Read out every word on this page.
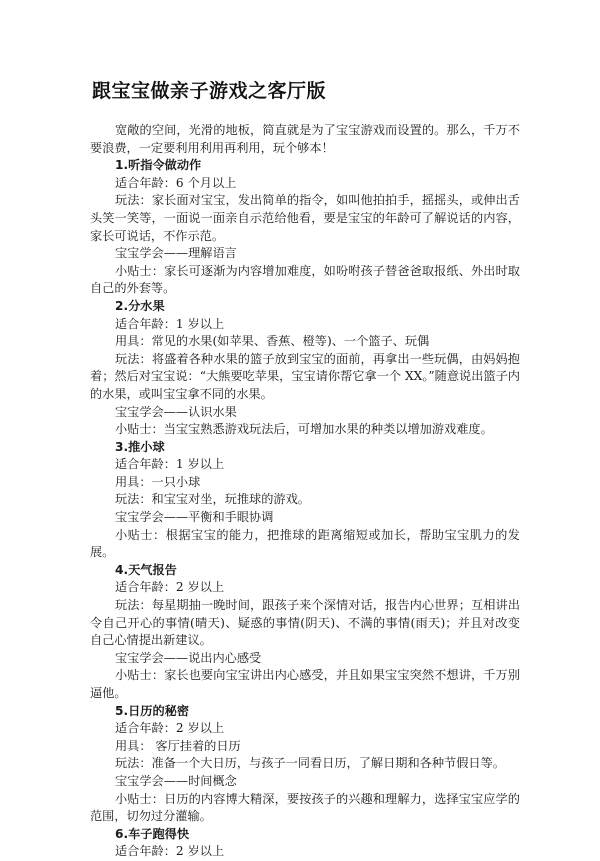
跟宝宝做亲子游戏之客厅版

宽敞的空间，光滑的地板，简直就是为了宝宝游戏而设置的。那么，千万不要浪费，一定要利用利用再利用，玩个够本！

1.听指令做动作

适合年龄：6 个月以上

玩法：家长面对宝宝，发出简单的指令，如叫他拍拍手，摇摇头，或伸出舌头笑一笑等，一面说一面亲自示范给他看，要是宝宝的年龄可了解说话的内容，家长可说话，不作示范。

宝宝学会——理解语言

小贴士：家长可逐渐为内容增加难度，如吩咐孩子替爸爸取报纸、外出时取自己的外套等。

2.分水果

适合年龄：1 岁以上

用具：常见的水果(如苹果、香蕉、橙等)、一个篮子、玩偶

玩法：将盛着各种水果的篮子放到宝宝的面前，再拿出一些玩偶，由妈妈抱着；然后对宝宝说：“大熊要吃苹果，宝宝请你帮它拿一个 XX。”随意说出篮子内的水果，或叫宝宝拿不同的水果。

宝宝学会——认识水果

小贴士：当宝宝熟悉游戏玩法后，可增加水果的种类以增加游戏难度。

3.推小球

适合年龄：1 岁以上

用具：一只小球

玩法：和宝宝对坐，玩推球的游戏。

宝宝学会——平衡和手眼协调

小贴士：根据宝宝的能力，把推球的距离缩短或加长，帮助宝宝肌力的发展。

4.天气报告

适合年龄：2 岁以上

玩法：每星期抽一晚时间，跟孩子来个深情对话，报告内心世界；互相讲出令自己开心的事情(晴天)、疑惑的事情(阴天)、不满的事情(雨天)；并且对改变自己心情提出新建议。

宝宝学会——说出内心感受

小贴士：家长也要向宝宝讲出内心感受，并且如果宝宝突然不想讲，千万别逼他。

5.日历的秘密

适合年龄：2 岁以上

用具： 客厅挂着的日历

玩法：准备一个大日历，与孩子一同看日历，了解日期和各种节假日等。

宝宝学会——时间概念

小贴士：日历的内容博大精深，要按孩子的兴趣和理解力，选择宝宝应学的范围，切勿过分灌输。

6.车子跑得快

适合年龄：2 岁以上
